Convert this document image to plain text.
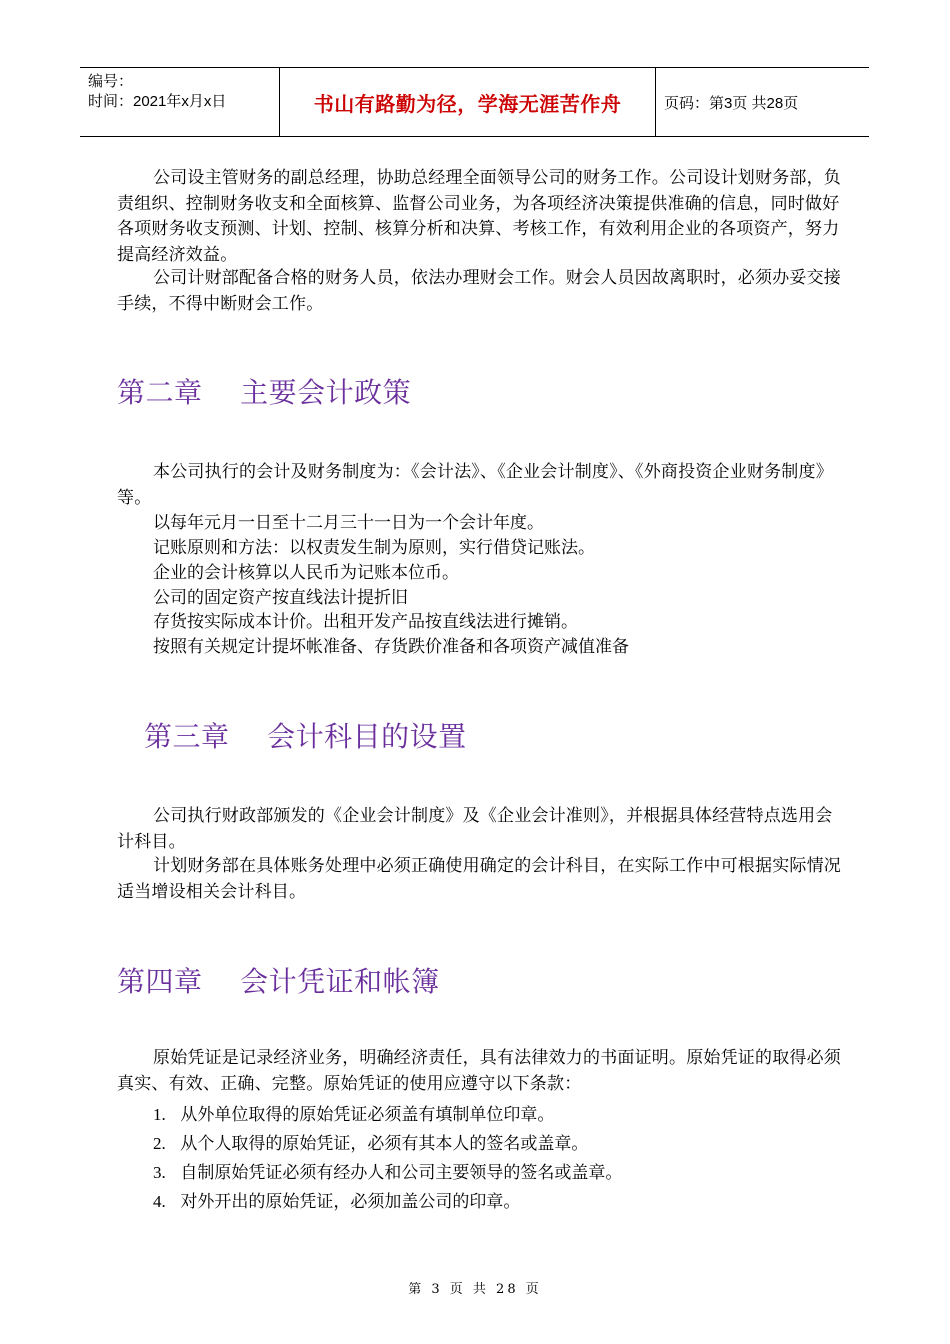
编号：
时间：2021年x月x日	书山有路勤为径，学海无涯苦作舟	页码：第3页 共28页

公司设主管财务的副总经理，协助总经理全面领导公司的财务工作。公司设计划财务部，负责组织、控制财务收支和全面核算、监督公司业务，为各项经济决策提供准确的信息，同时做好各项财务收支预测、计划、控制、核算分析和决算、考核工作，有效利用企业的各项资产，努力提高经济效益。

公司计财部配备合格的财务人员，依法办理财会工作。财会人员因故离职时，必须办妥交接手续，不得中断财会工作。

第二章    主要会计政策

本公司执行的会计及财务制度为：《会计法》、《企业会计制度》、《外商投资企业财务制度》等。

以每年元月一日至十二月三十一日为一个会计年度。
记账原则和方法：以权责发生制为原则，实行借贷记账法。
企业的会计核算以人民币为记账本位币。
公司的固定资产按直线法计提折旧
存货按实际成本计价。出租开发产品按直线法进行摊销。
按照有关规定计提坏帐准备、存货跌价准备和各项资产减值准备
第三章    会计科目的设置

公司执行财政部颁发的《企业会计制度》及《企业会计准则》，并根据具体经营特点选用会计科目。

计划财务部在具体账务处理中必须正确使用确定的会计科目，在实际工作中可根据实际情况适当增设相关会计科目。

第四章    会计凭证和帐簿

原始凭证是记录经济业务，明确经济责任，具有法律效力的书面证明。原始凭证的取得必须真实、有效、正确、完整。原始凭证的使用应遵守以下条款：

1. 从外单位取得的原始凭证必须盖有填制单位印章。
2. 从个人取得的原始凭证，必须有其本人的签名或盖章。
3. 自制原始凭证必须有经办人和公司主要领导的签名或盖章。
4. 对外开出的原始凭证，必须加盖公司的印章。
第 3 页 共 28 页
